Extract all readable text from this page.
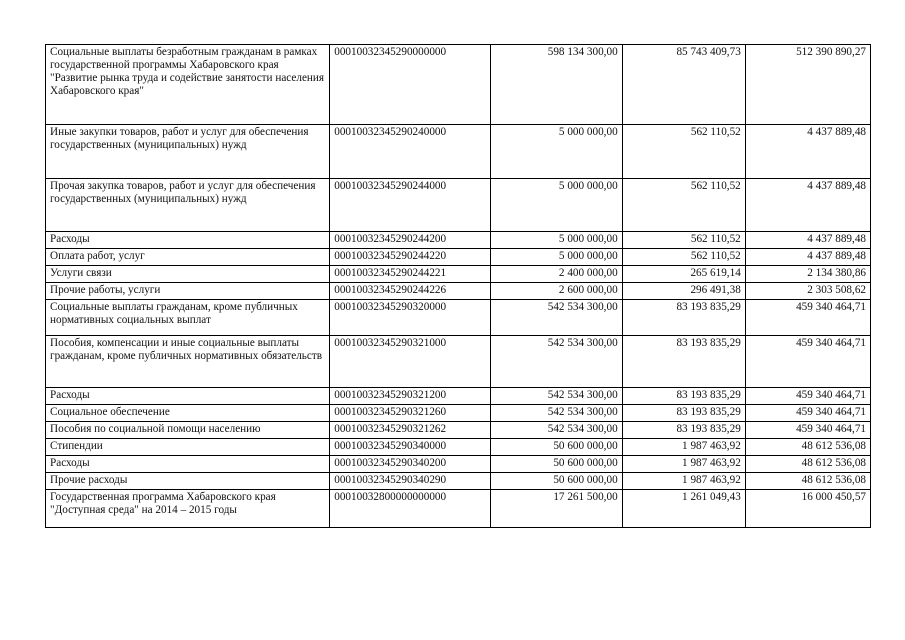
Социальные выплаты безработным гражданам в рамках государственной программы Хабаровского края "Развитие рынка труда и содействие занятости населения Хабаровского края"	00010032345290000000	598 134 300,00	85 743 409,73	512 390 890,27
Иные закупки товаров, работ и услуг для обеспечения государственных (муниципальных) нужд	00010032345290240000	5 000 000,00	562 110,52	4 437 889,48
Прочая закупка товаров, работ и услуг для обеспечения государственных (муниципальных) нужд	00010032345290244000	5 000 000,00	562 110,52	4 437 889,48
Расходы	00010032345290244200	5 000 000,00	562 110,52	4 437 889,48
Оплата работ, услуг	00010032345290244220	5 000 000,00	562 110,52	4 437 889,48
Услуги связи	00010032345290244221	2 400 000,00	265 619,14	2 134 380,86
Прочие работы, услуги	00010032345290244226	2 600 000,00	296 491,38	2 303 508,62
Социальные выплаты гражданам, кроме публичных нормативных социальных выплат	00010032345290320000	542 534 300,00	83 193 835,29	459 340 464,71
Пособия, компенсации и иные социальные выплаты гражданам, кроме публичных нормативных обязательств	00010032345290321000	542 534 300,00	83 193 835,29	459 340 464,71
Расходы	00010032345290321200	542 534 300,00	83 193 835,29	459 340 464,71
Социальное обеспечение	00010032345290321260	542 534 300,00	83 193 835,29	459 340 464,71
Пособия по социальной помощи населению	00010032345290321262	542 534 300,00	83 193 835,29	459 340 464,71
Стипендии	00010032345290340000	50 600 000,00	1 987 463,92	48 612 536,08
Расходы	00010032345290340200	50 600 000,00	1 987 463,92	48 612 536,08
Прочие расходы	00010032345290340290	50 600 000,00	1 987 463,92	48 612 536,08
Государственная программа Хабаровского края "Доступная среда" на 2014 – 2015 годы	00010032800000000000	17 261 500,00	1 261 049,43	16 000 450,57
